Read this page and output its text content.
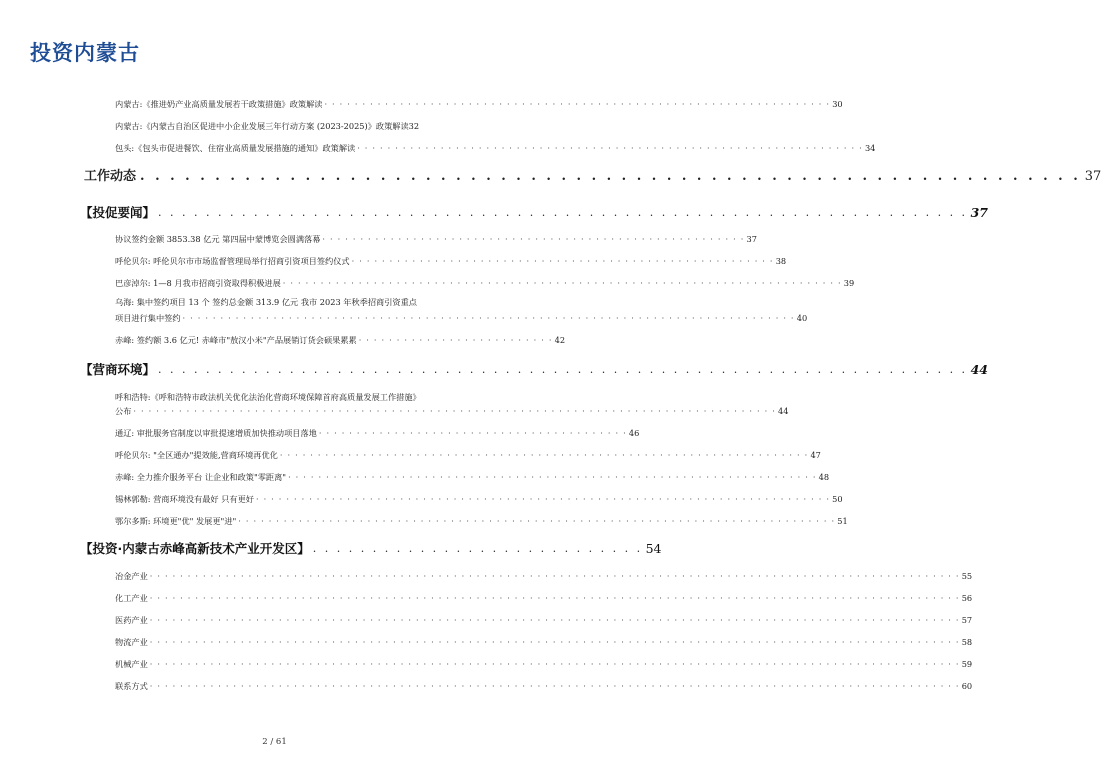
投资内蒙古
内蒙古:《推进奶产业高质量发展若干政策措施》政策解读 · · · · · · · · · · · · · · · · · · · · · · · · · · · · · · · · · · · · · · · · · · · · · · · · · · · · · · · · · · · · · · · · · · · 30
内蒙古:《内蒙古自治区促进中小企业发展三年行动方案 (2023-2025)》政策解读 32
包头:《包头市促进餐饮、住宿业高质量发展措施的通知》政策解读 · · · · · · · · · · · · · · · · · · · · · · · · · · · · · · · · · · · · · · · · · · · · · · · · · · · · · · · · · · · · · · · · · · · 34
工作动态 . . . . . . . . . . . . . . . . . . . . . . . . . . . . . . . . . . . . . . . . . . . . . . . . . . . . . . . . . . . . . . . 37
【投促要闻】 . . . . . . . . . . . . . . . . . . . . . . . . . . . . . . . . . . . . . . . . . . . . . . . . . . . . . . . . . . . . . . . . . . . . 37
协议签约金额 3853.38 亿元 第四届中蒙博览会圆满落幕 · · · · · · · · · · · · · · · · · · · · · · · · · · · · · · · · · · · · · · · · · · · · · · · · · · · · · · · · 37
呼伦贝尔: 呼伦贝尔市市场监督管理局举行招商引资项目签约仪式 · · · · · · · · · · · · · · · · · · · · · · · · · · · · · · · · · · · · · · · · · · · · · · · · · · · · · · · · 38
巴彦淖尔: 1—8 月我市招商引资取得积极进展 · · · · · · · · · · · · · · · · · · · · · · · · · · · · · · · · · · · · · · · · · · · · · · · · · · · · · · · · · · · · · · · · · · · · · · · · · · 39
乌海: 集中签约项目 13 个 签约总金额 313.9 亿元 我市 2023 年秋季招商引资重点
项目进行集中签约 · · · · · · · · · · · · · · · · · · · · · · · · · · · · · · · · · · · · · · · · · · · · · · · · · · · · · · · · · · · · · · · · · · · · · · · · · · · · · · · · · 40
赤峰: 签约额 3.6 亿元! 赤峰市"敖汉小米"产品展销订货会硕果累累 · · · · · · · · · · · · · · · · · · · · · · · · · · 42
【营商环境】 . . . . . . . . . . . . . . . . . . . . . . . . . . . . . . . . . . . . . . . . . . . . . . . . . . . . . . . . . . . . . . . . . . . . 44
呼和浩特:《呼和浩特市政法机关优化法治化营商环境保障首府高质量发展工作措施》
公布 · · · · · · · · · · · · · · · · · · · · · · · · · · · · · · · · · · · · · · · · · · · · · · · · · · · · · · · · · · · · · · · · · · · · · · · · · · · · · · · · · · · · · 44
通辽: 审批服务官制度以审批提速增质加快推动项目落地 · · · · · · · · · · · · · · · · · · · · · · · · · · · · · · · · · · · · · · · · · 46
呼伦贝尔: "全区通办"提效能,营商环境再优化 · · · · · · · · · · · · · · · · · · · · · · · · · · · · · · · · · · · · · · · · · · · · · · · · · · · · · · · · · · · · · · · · · · · · · · 47
赤峰: 全力推介服务平台 让企业和政策"零距离" · · · · · · · · · · · · · · · · · · · · · · · · · · · · · · · · · · · · · · · · · · · · · · · · · · · · · · · · · · · · · · · · · · · · · · 48
锡林郭勒: 营商环境没有最好 只有更好 · · · · · · · · · · · · · · · · · · · · · · · · · · · · · · · · · · · · · · · · · · · · · · · · · · · · · · · · · · · · · · · · · · · · · · · · · · · · 50
鄂尔多斯: 环境更"优" 发展更"进" · · · · · · · · · · · · · · · · · · · · · · · · · · · · · · · · · · · · · · · · · · · · · · · · · · · · · · · · · · · · · · · · · · · · · · · · · · · · · · · 51
【投资·内蒙古赤峰高新技术产业开发区】 . . . . . . . . . . . . . . . . . . . . . . . . . . . . 54
冶金产业 · · · · · · · · · · · · · · · · · · · · · · · · · · · · · · · · · · · · · · · · · · · · · · · · · · · · · · · · · · · · · · · · · · · · · · · · · · · · · · · · · · · · · · · · · · · · · · · · · · · · · · · · · · · 55
化工产业 · · · · · · · · · · · · · · · · · · · · · · · · · · · · · · · · · · · · · · · · · · · · · · · · · · · · · · · · · · · · · · · · · · · · · · · · · · · · · · · · · · · · · · · · · · · · · · · · · · · · · · · · · · · 56
医药产业 · · · · · · · · · · · · · · · · · · · · · · · · · · · · · · · · · · · · · · · · · · · · · · · · · · · · · · · · · · · · · · · · · · · · · · · · · · · · · · · · · · · · · · · · · · · · · · · · · · · · · · · · · · · 57
物流产业 · · · · · · · · · · · · · · · · · · · · · · · · · · · · · · · · · · · · · · · · · · · · · · · · · · · · · · · · · · · · · · · · · · · · · · · · · · · · · · · · · · · · · · · · · · · · · · · · · · · · · · · · · · · 58
机械产业 · · · · · · · · · · · · · · · · · · · · · · · · · · · · · · · · · · · · · · · · · · · · · · · · · · · · · · · · · · · · · · · · · · · · · · · · · · · · · · · · · · · · · · · · · · · · · · · · · · · · · · · · · · · 59
联系方式 · · · · · · · · · · · · · · · · · · · · · · · · · · · · · · · · · · · · · · · · · · · · · · · · · · · · · · · · · · · · · · · · · · · · · · · · · · · · · · · · · · · · · · · · · · · · · · · · · · · · · · · · · · · 60
2 / 61
